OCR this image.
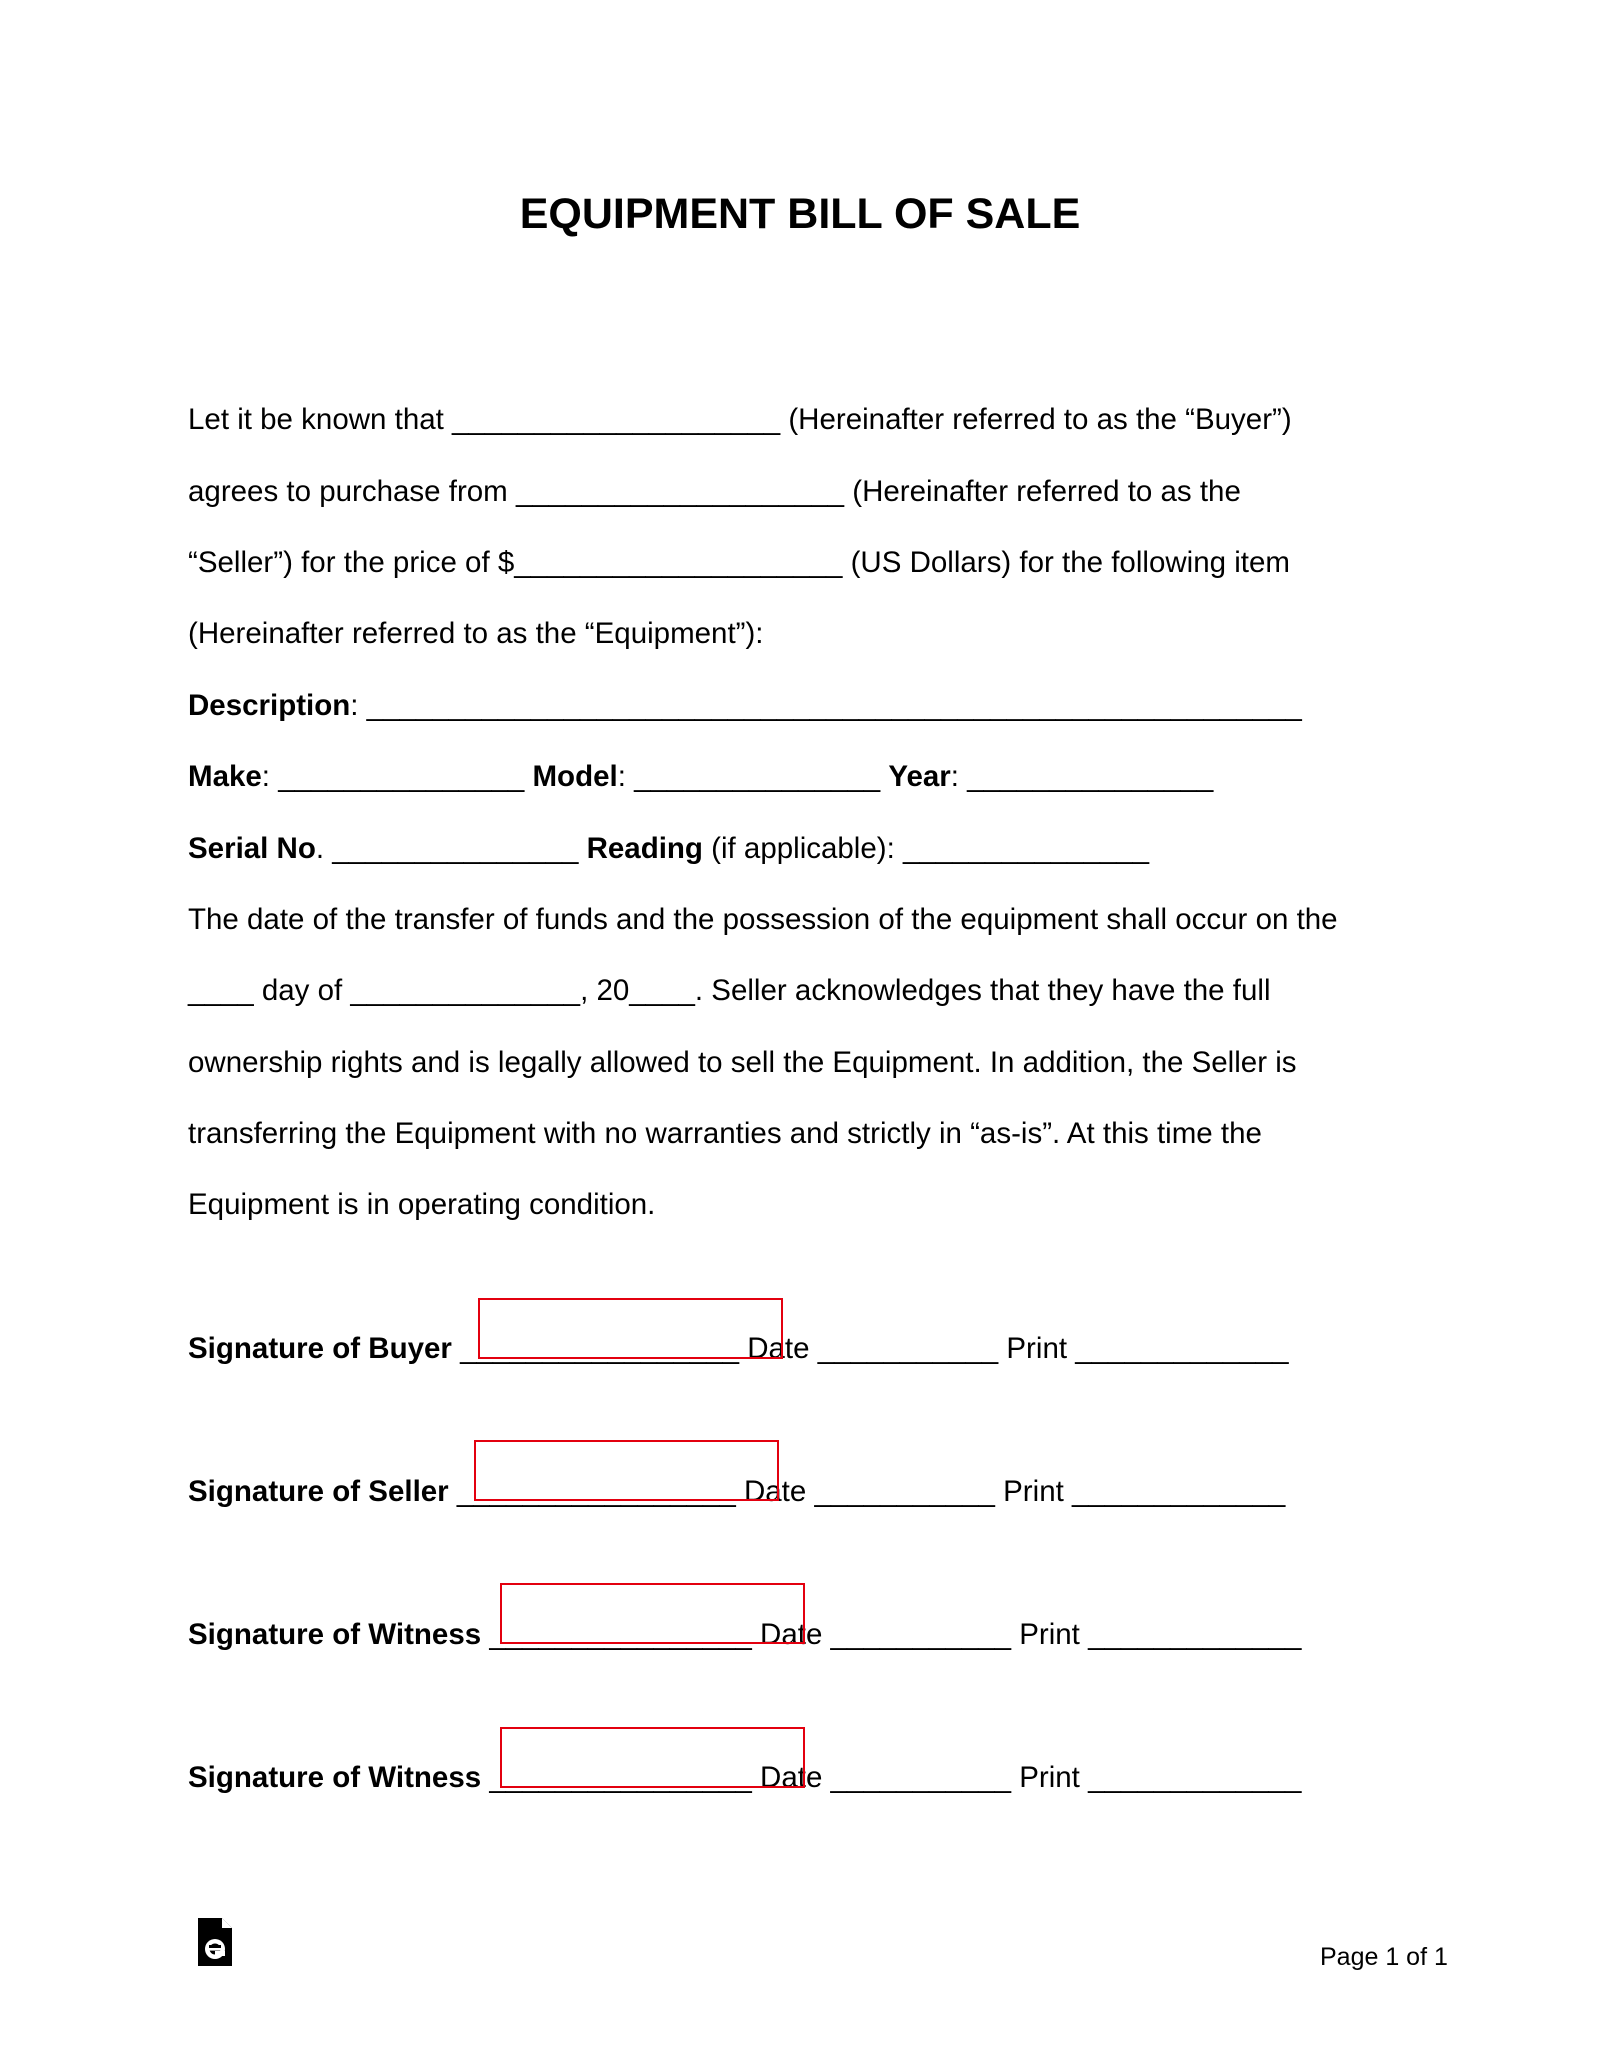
EQUIPMENT BILL OF SALE
Let it be known that ____________________ (Hereinafter referred to as the “Buyer”)
agrees to purchase from ____________________ (Hereinafter referred to as the
“Seller”) for the price of $____________________ (US Dollars) for the following item
(Hereinafter referred to as the “Equipment”):
Description: _________________________________________________________
Make: _______________ Model: _______________ Year: _______________
Serial No. _______________ Reading (if applicable): _______________
The date of the transfer of funds and the possession of the equipment shall occur on the
____ day of ______________, 20____. Seller acknowledges that they have the full
ownership rights and is legally allowed to sell the Equipment. In addition, the Seller is
transferring the Equipment with no warranties and strictly in “as-is”. At this time the
Equipment is in operating condition.
Signature of Buyer _________________ Date ___________ Print _____________
Signature of Seller _________________ Date ___________ Print _____________
Signature of Witness ________________ Date ___________ Print _____________
Signature of Witness ________________ Date ___________ Print _____________
Page 1 of 1
